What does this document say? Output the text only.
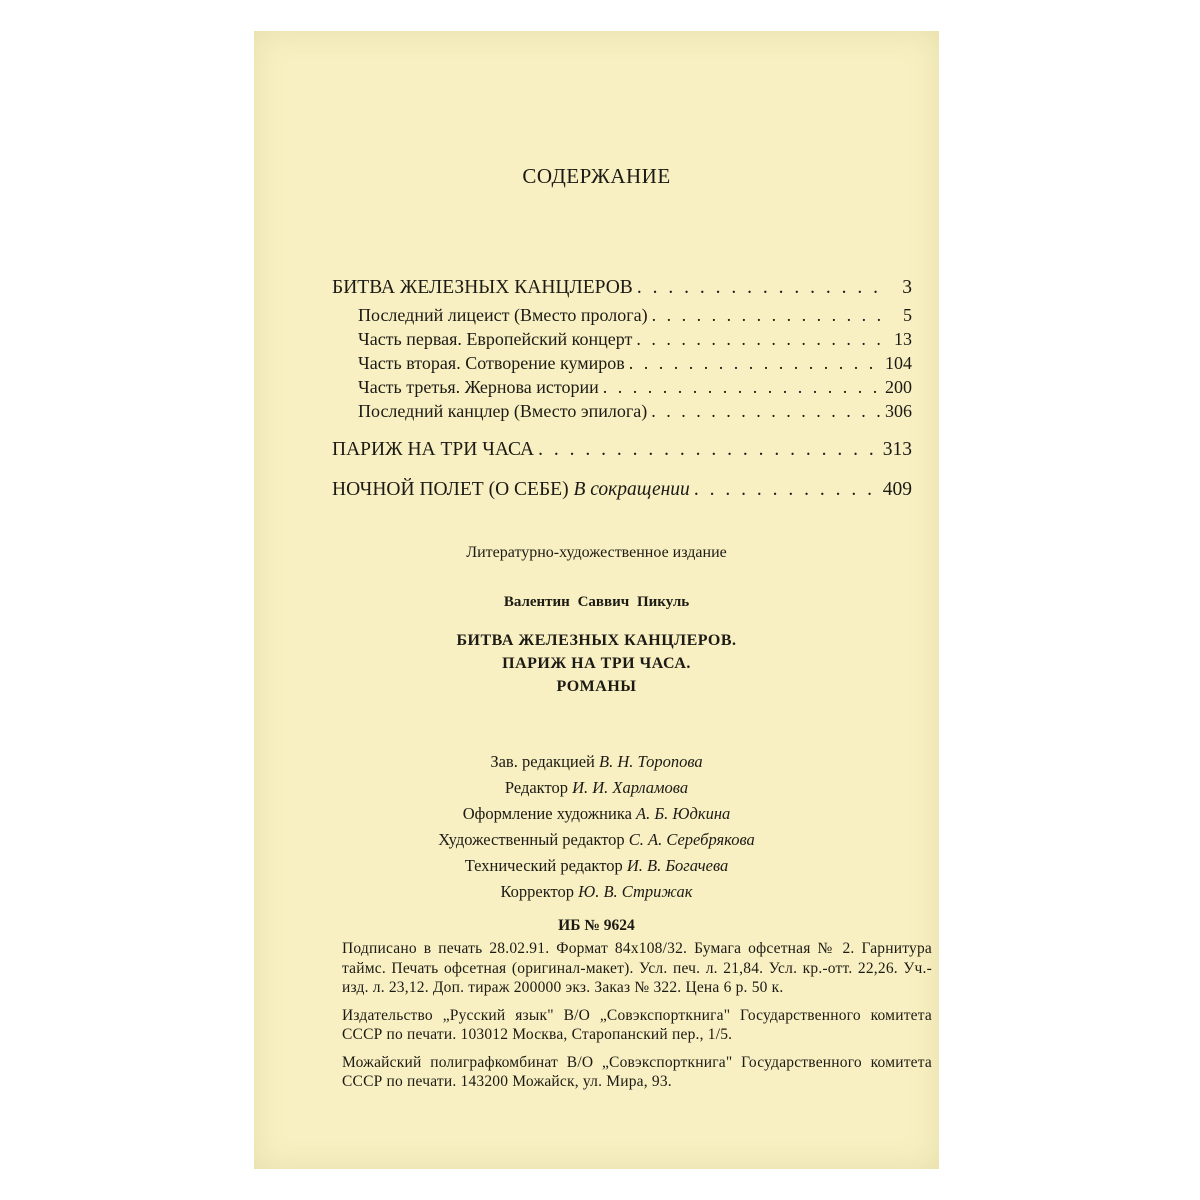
СОДЕРЖАНИЕ
БИТВА ЖЕЛЕЗНЫХ КАНЦЛЕРОВ . . .	3
Последний лицеист (Вместо пролога) . . .	5
Часть первая. Европейский концерт . . .	13
Часть вторая. Сотворение кумиров . . .	104
Часть третья. Жернова истории . . .	200
Последний канцлер (Вместо эпилога) . . .	306
ПАРИЖ НА ТРИ ЧАСА . . .	313
НОЧНОЙ ПОЛЕТ (О СЕБЕ) В сокращении . . .	409
Литературно-художественное издание
Валентин Саввич Пикуль
БИТВА ЖЕЛЕЗНЫХ КАНЦЛЕРОВ.
ПАРИЖ НА ТРИ ЧАСА.
РОМАНЫ
Зав. редакцией В. Н. Торопова
Редактор И. И. Харламова
Оформление художника А. Б. Юдкина
Художественный редактор С. А. Серебрякова
Технический редактор И. В. Богачева
Корректор Ю. В. Стрижак
ИБ № 9624

Подписано в печать 28.02.91. Формат 84х108/32. Бумага офсетная № 2. Гарнитура таймс. Печать офсетная (оригинал-макет). Усл. печ. л. 21,84. Усл. кр.-отт. 22,26. Уч.-изд. л. 23,12. Доп. тираж 200000 экз. Заказ № 322. Цена 6 р. 50 к.

Издательство „Русский язык" В/О „Совэкспорткнига" Государственного комитета СССР по печати. 103012 Москва, Старопанский пер., 1/5.

Можайский полиграфкомбинат В/О „Совэкспорткнига" Государственного комитета СССР по печати. 143200 Можайск, ул. Мира, 93.
